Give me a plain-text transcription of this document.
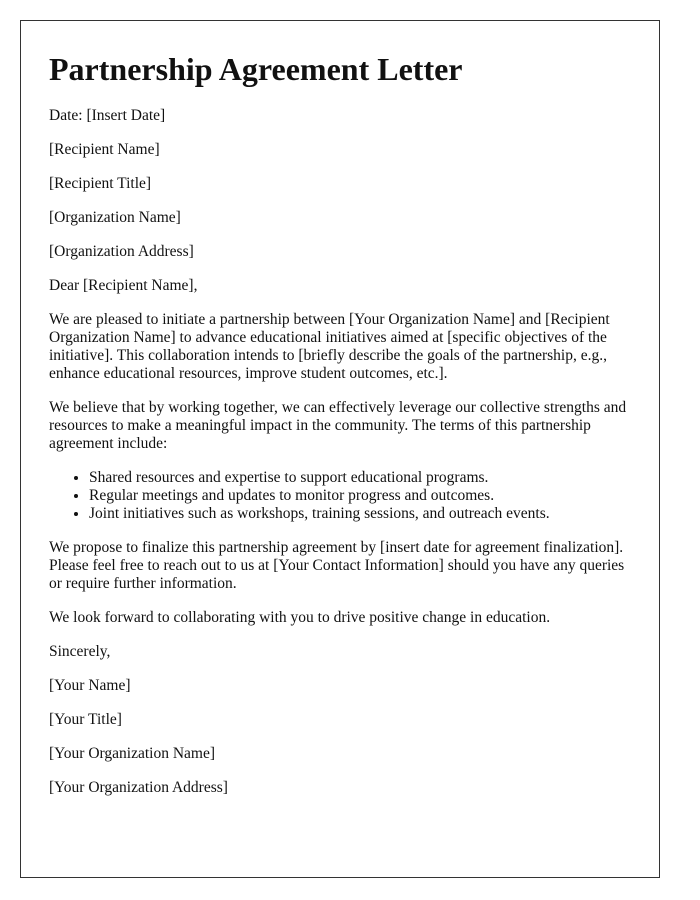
Partnership Agreement Letter

Date: [Insert Date]

[Recipient Name]

[Recipient Title]

[Organization Name]

[Organization Address]

Dear [Recipient Name],

We are pleased to initiate a partnership between [Your Organization Name] and [Recipient Organization Name] to advance educational initiatives aimed at [specific objectives of the initiative]. This collaboration intends to [briefly describe the goals of the partnership, e.g., enhance educational resources, improve student outcomes, etc.].

We believe that by working together, we can effectively leverage our collective strengths and resources to make a meaningful impact in the community. The terms of this partnership agreement include:

• Shared resources and expertise to support educational programs.
• Regular meetings and updates to monitor progress and outcomes.
• Joint initiatives such as workshops, training sessions, and outreach events.

We propose to finalize this partnership agreement by [insert date for agreement finalization]. Please feel free to reach out to us at [Your Contact Information] should you have any queries or require further information.

We look forward to collaborating with you to drive positive change in education.

Sincerely,

[Your Name]

[Your Title]

[Your Organization Name]

[Your Organization Address]
